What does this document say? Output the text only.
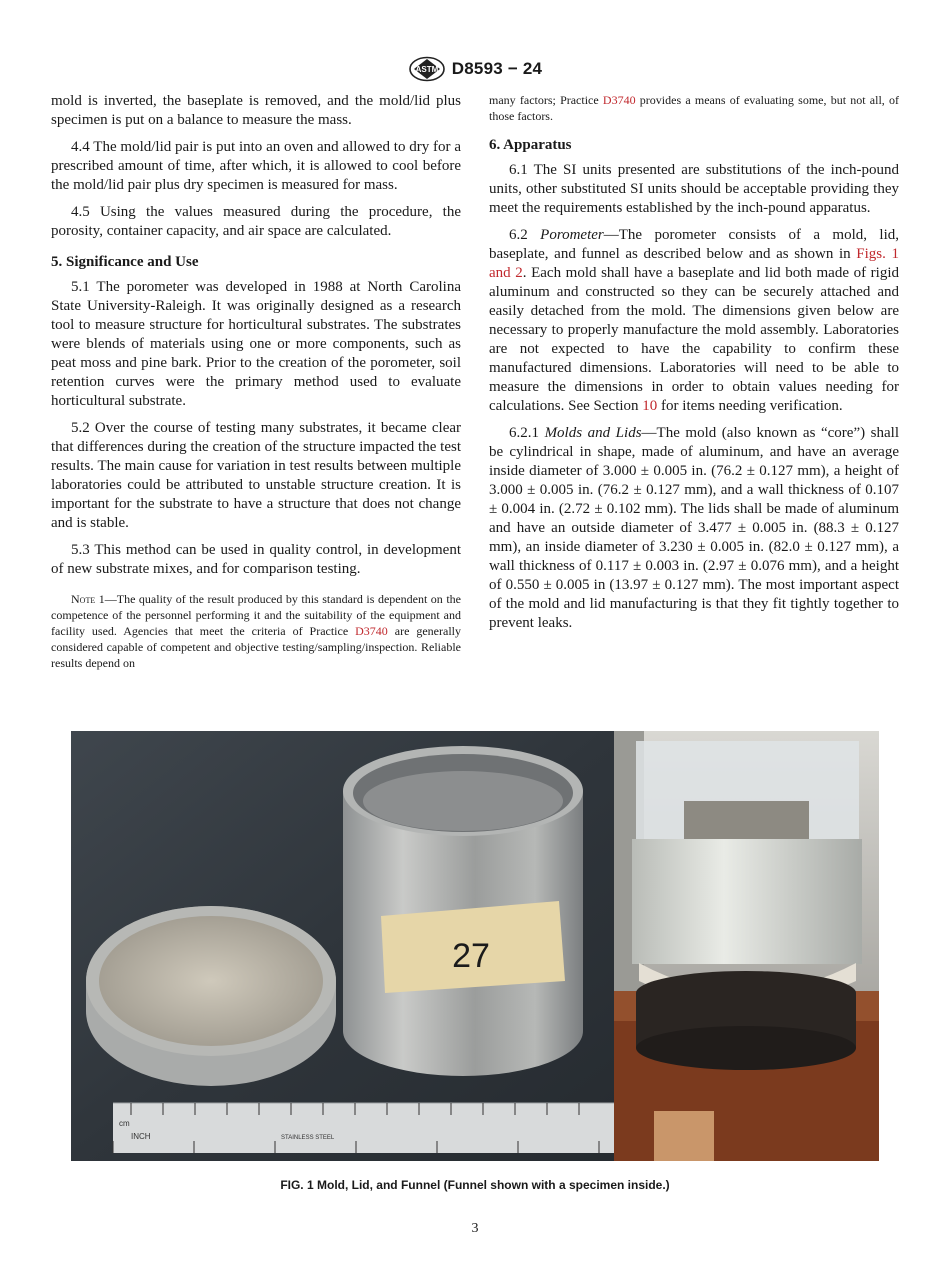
ASTM D8593 − 24

mold is inverted, the baseplate is removed, and the mold/lid plus specimen is put on a balance to measure the mass.

4.4 The mold/lid pair is put into an oven and allowed to dry for a prescribed amount of time, after which, it is allowed to cool before the mold/lid pair plus dry specimen is measured for mass.

4.5 Using the values measured during the procedure, the porosity, container capacity, and air space are calculated.

5. Significance and Use

5.1 The porometer was developed in 1988 at North Carolina State University-Raleigh. It was originally designed as a research tool to measure structure for horticultural substrates. The substrates were blends of materials using one or more components, such as peat moss and pine bark. Prior to the creation of the porometer, soil retention curves were the primary method used to evaluate horticultural substrate.

5.2 Over the course of testing many substrates, it became clear that differences during the creation of the structure impacted the test results. The main cause for variation in test results between multiple laboratories could be attributed to unstable structure creation. It is important for the substrate to have a structure that does not change and is stable.

5.3 This method can be used in quality control, in development of new substrate mixes, and for comparison testing.

Note 1—The quality of the result produced by this standard is dependent on the competence of the personnel performing it and the suitability of the equipment and facility used. Agencies that meet the criteria of Practice D3740 are generally considered capable of competent and objective testing/sampling/inspection. Reliable results depend on

many factors; Practice D3740 provides a means of evaluating some, but not all, of those factors.

6. Apparatus

6.1 The SI units presented are substitutions of the inch-pound units, other substituted SI units should be acceptable providing they meet the requirements established by the inch-pound apparatus.

6.2 Porometer—The porometer consists of a mold, lid, baseplate, and funnel as described below and as shown in Figs. 1 and 2. Each mold shall have a baseplate and lid both made of rigid aluminum and constructed so they can be securely attached and easily detached from the mold. The dimensions given below are necessary to properly manufacture the mold assembly. Laboratories are not expected to have the capability to confirm these manufactured dimensions. Laboratories will need to be able to measure the dimensions in order to obtain values needing for calculations. See Section 10 for items needing verification.

6.2.1 Molds and Lids—The mold (also known as “core”) shall be cylindrical in shape, made of aluminum, and have an average inside diameter of 3.000 ± 0.005 in. (76.2 ± 0.127 mm), a height of 3.000 ± 0.005 in. (76.2 ± 0.127 mm), and a wall thickness of 0.107 ± 0.004 in. (2.72 ± 0.102 mm). The lids shall be made of aluminum and have an outside diameter of 3.477 ± 0.005 in. (88.3 ± 0.127 mm), an inside diameter of 3.230 ± 0.005 in. (82.0 ± 0.127 mm), a wall thickness of 0.117 ± 0.003 in. (2.97 ± 0.076 mm), and a height of 0.550 ± 0.005 in (13.97 ± 0.127 mm). The most important aspect of the mold and lid manufacturing is that they fit tightly together to prevent leaks.

27
cm
INCH	STAINLESS STEEL
FIG. 1 Mold, Lid, and Funnel (Funnel shown with a specimen inside.)
3
